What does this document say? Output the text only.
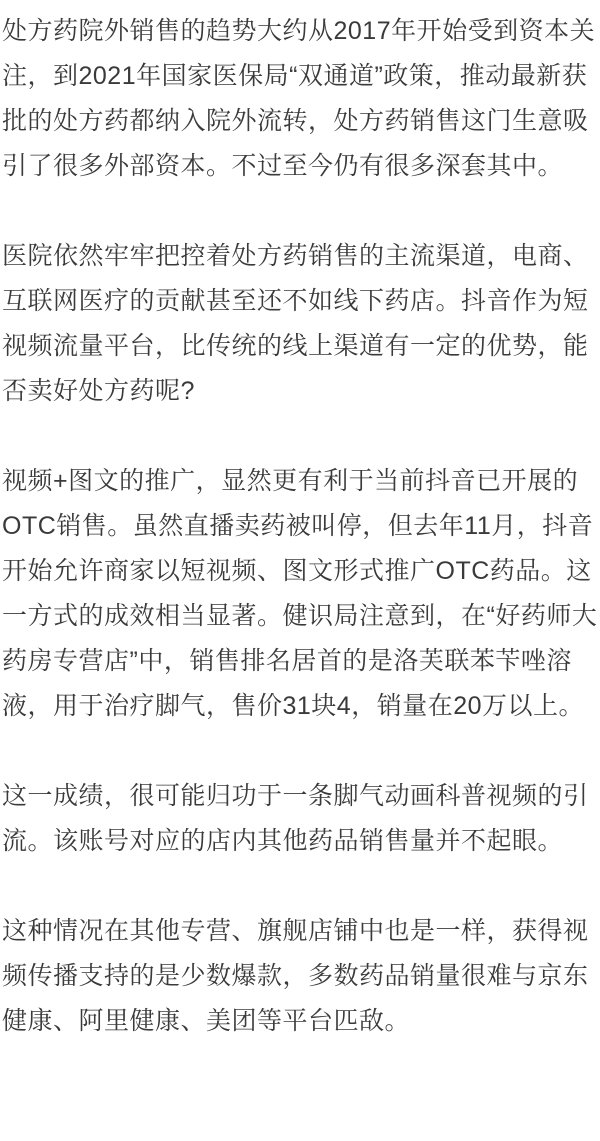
处方药院外销售的趋势大约从2017年开始受到资本关注，到2021年国家医保局“双通道”政策，推动最新获批的处方药都纳入院外流转，处方药销售这门生意吸引了很多外部资本。不过至今仍有很多深套其中。

医院依然牢牢把控着处方药销售的主流渠道，电商、互联网医疗的贡献甚至还不如线下药店。抖音作为短视频流量平台，比传统的线上渠道有一定的优势，能否卖好处方药呢?

视频+图文的推广，显然更有利于当前抖音已开展的OTC销售。虽然直播卖药被叫停，但去年11月，抖音开始允许商家以短视频、图文形式推广OTC药品。这一方式的成效相当显著。健识局注意到，在“好药师大药房专营店”中，销售排名居首的是洛芙联苯苄唑溶液，用于治疗脚气，售价31块4，销量在20万以上。

这一成绩，很可能归功于一条脚气动画科普视频的引流。该账号对应的店内其他药品销售量并不起眼。

这种情况在其他专营、旗舰店铺中也是一样，获得视频传播支持的是少数爆款，多数药品销量很难与京东健康、阿里健康、美团等平台匹敌。
